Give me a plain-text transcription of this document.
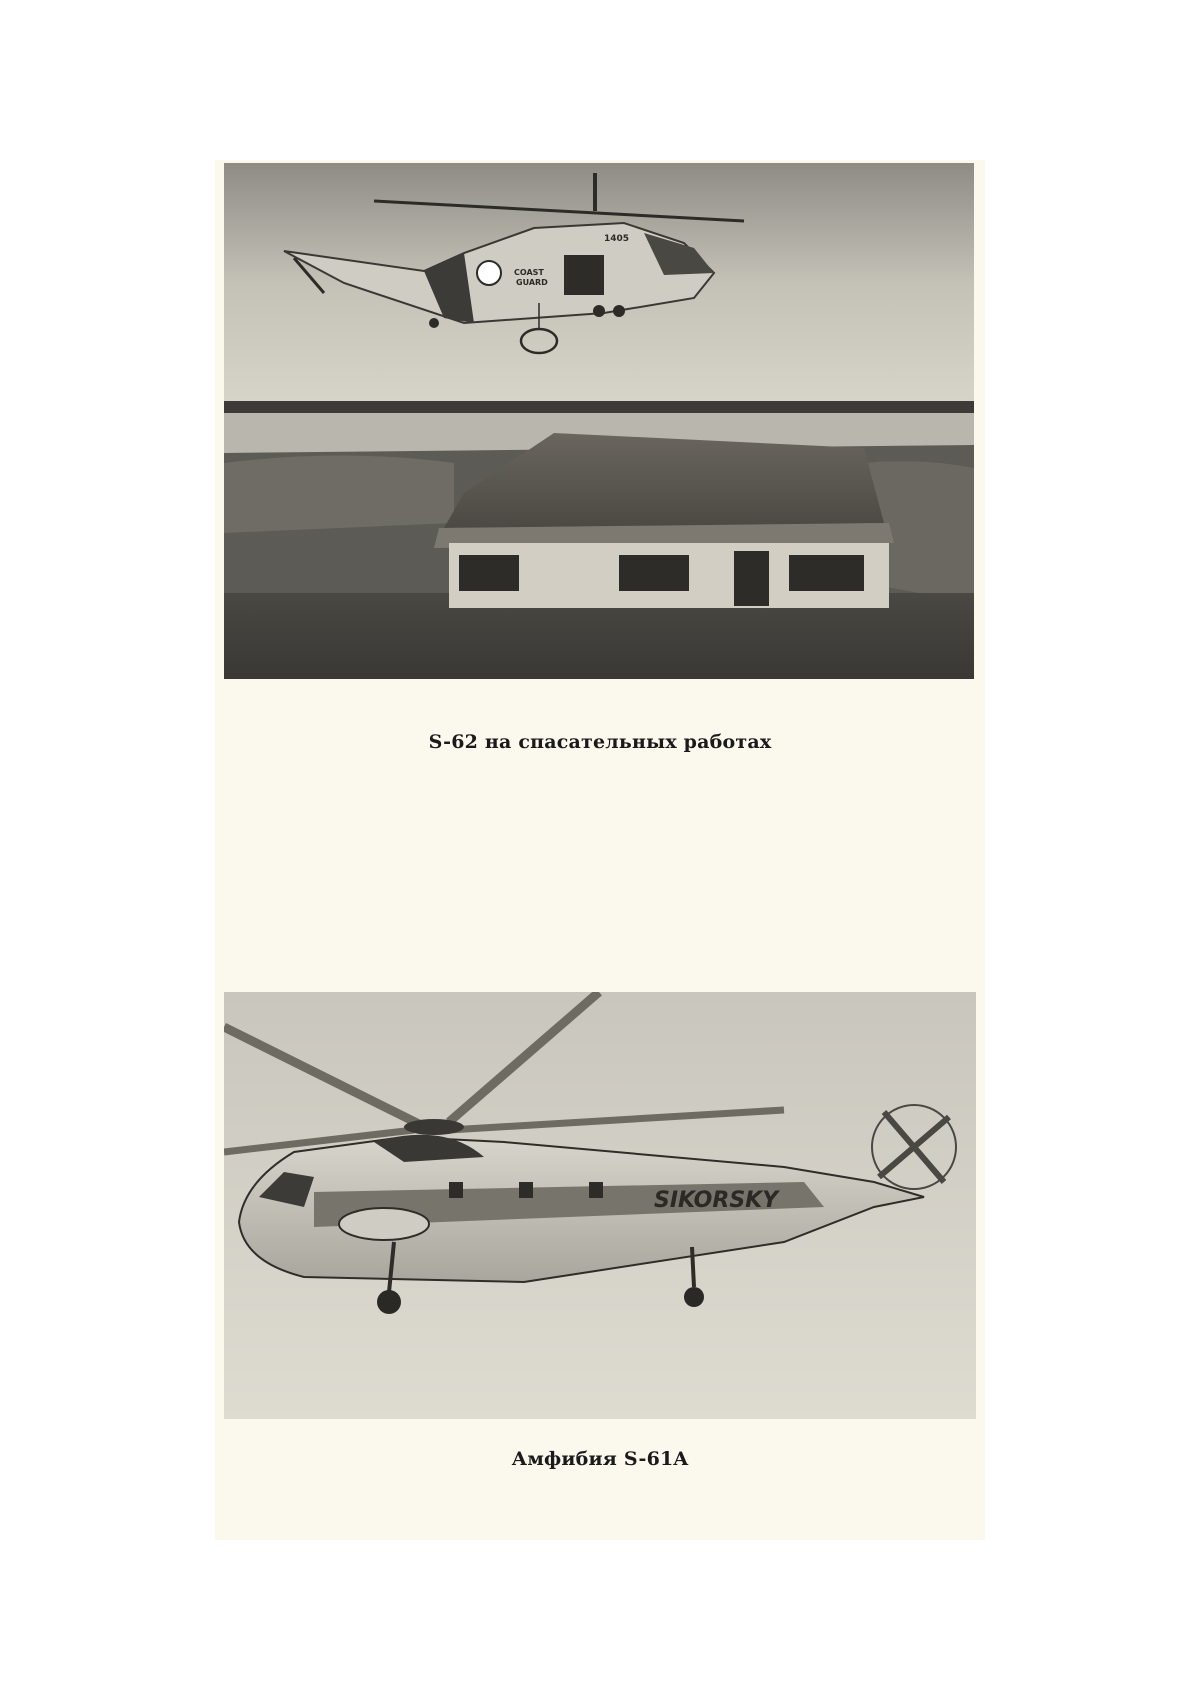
1405
COAST
GUARD
S-62 на спасательных работах
SIKORSKY
Амфибия S-61A
